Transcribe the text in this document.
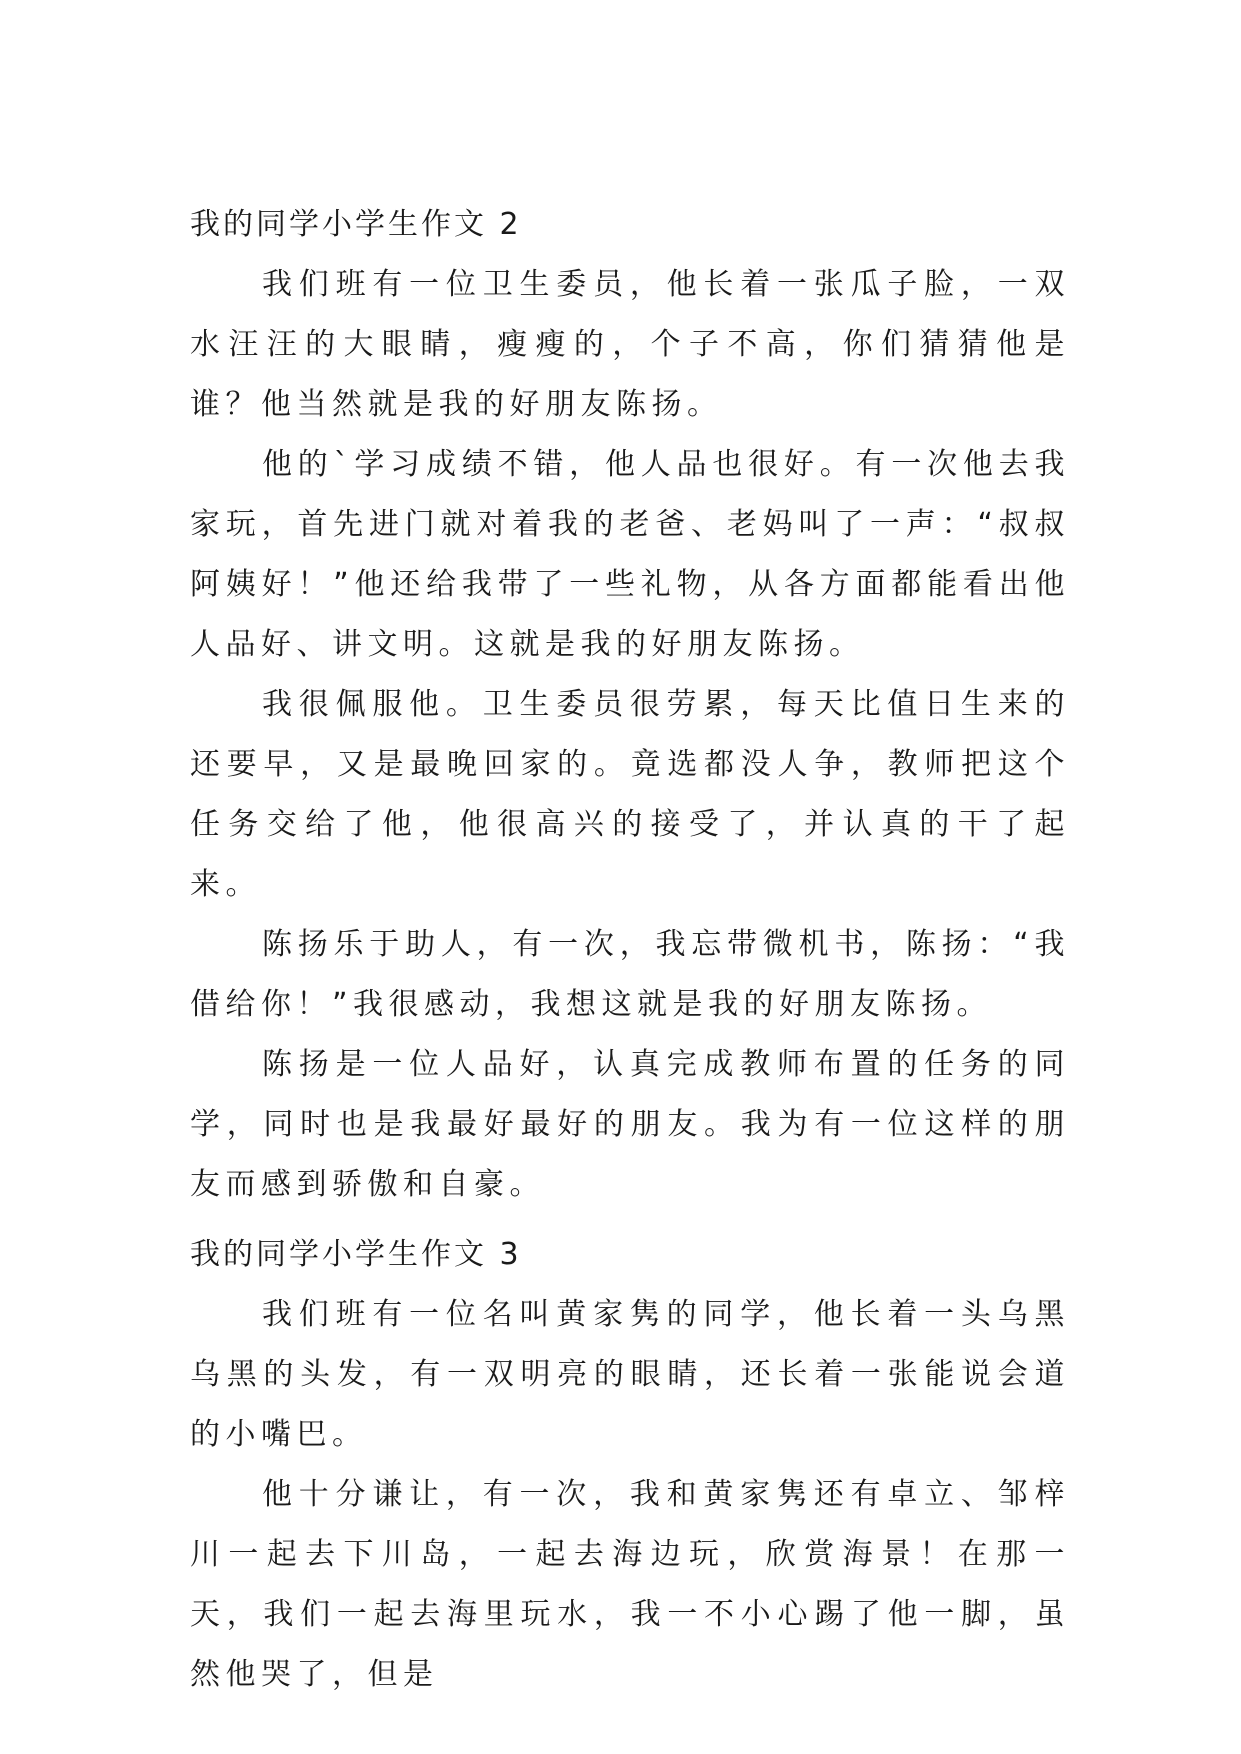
我的同学小学生作文 2

我们班有一位卫生委员，他长着一张瓜子脸，一双水汪汪的大眼睛，瘦瘦的，个子不高，你们猜猜他是谁？他当然就是我的好朋友陈扬。

他的`学习成绩不错，他人品也很好。有一次他去我家玩，首先进门就对着我的老爸、老妈叫了一声：“叔叔阿姨好！”他还给我带了一些礼物，从各方面都能看出他人品好、讲文明。这就是我的好朋友陈扬。

我很佩服他。卫生委员很劳累，每天比值日生来的还要早，又是最晚回家的。竟选都没人争，教师把这个任务交给了他，他很高兴的接受了，并认真的干了起来。

陈扬乐于助人，有一次，我忘带微机书，陈扬：“我借给你！”我很感动，我想这就是我的好朋友陈扬。

陈扬是一位人品好，认真完成教师布置的任务的同学，同时也是我最好最好的朋友。我为有一位这样的朋友而感到骄傲和自豪。

我的同学小学生作文 3

我们班有一位名叫黄家隽的同学，他长着一头乌黑乌黑的头发，有一双明亮的眼睛，还长着一张能说会道的小嘴巴。

他十分谦让，有一次，我和黄家隽还有卓立、邹梓川一起去下川岛，一起去海边玩，欣赏海景！在那一天，我们一起去海里玩水，我一不小心踢了他一脚，虽然他哭了，但是
